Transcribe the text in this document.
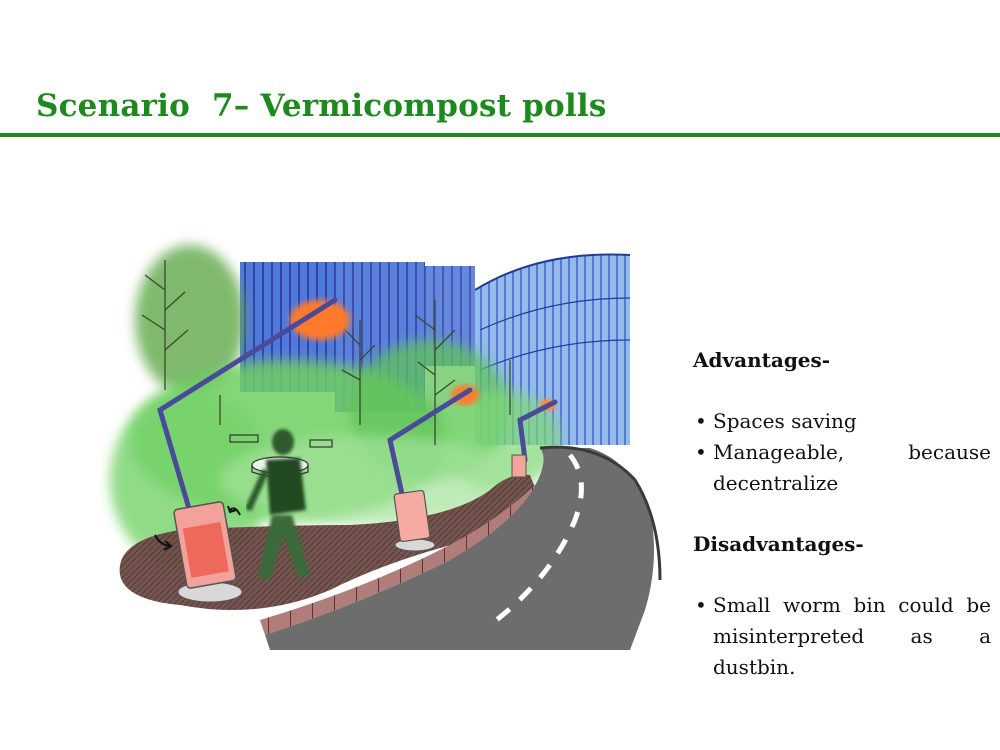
Scenario  7– Vermicompost polls
Advantages-
• Spaces saving
• Manageable, because decentralize
Disadvantages-
• Small worm bin could be misinterpreted as a dustbin.
